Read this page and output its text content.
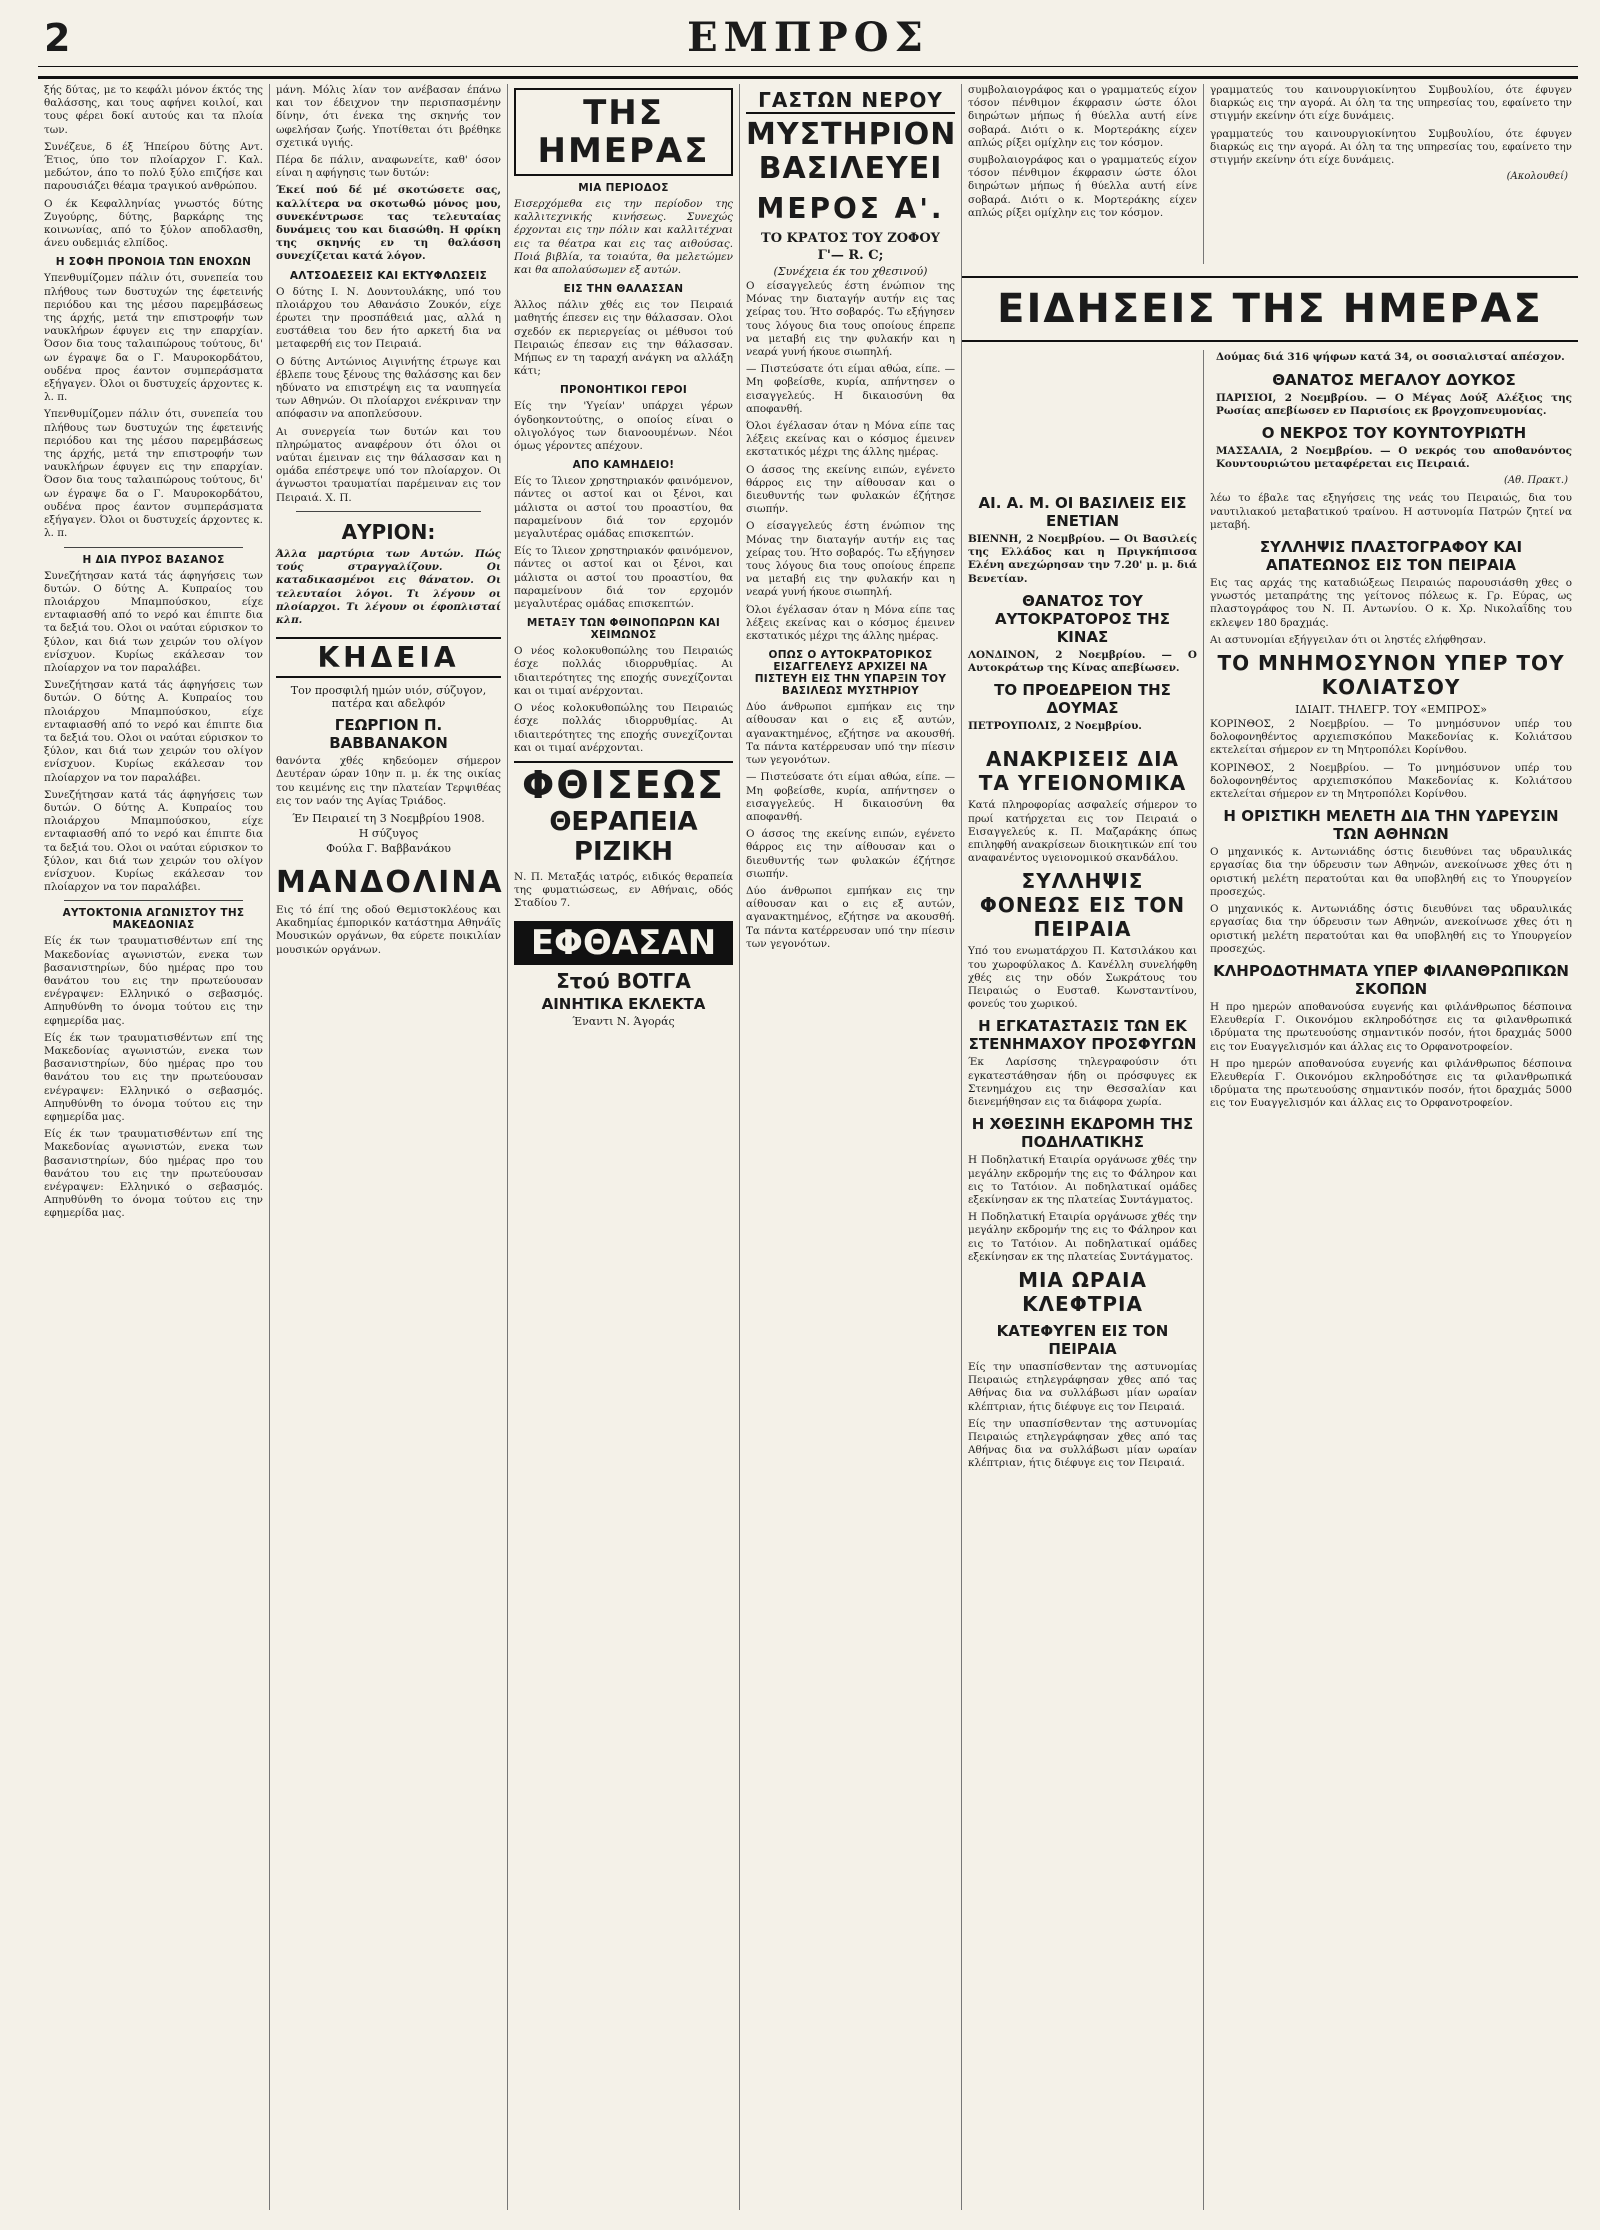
2	ΕΜΠΡΟΣ

ξής δύτας, με το κεφάλι μόνον έκτός της θαλάσσης, και τους αφήνει κοιλοί, και τους φέρει δοκί αυτούς και τα πλοία των.

Συνέζευε, δ έξ Ήπείρου δύτης Αντ. Έτιος, ύπο τον πλοίαρχον Γ. Καλ. μεδώτον, άπο το πολύ ξύλο επιζήσε και παρουσιάζει θέαμα τραγικού ανθρώπου.

Ο έκ Κεφαλληνίας γνωστός δύτης Ζυγούρης, δύτης, βαρκάρης της κοινωνίας, από το ξύλον αποδλασθη, άνευ ουδεμιάς ελπίδος.

Η ΣΟΦΗ ΠΡΟΝΟΙΑ ΤΩΝ ΕΝΟΧΩΝ

Υπενθυμίζομεν πάλιν ότι, συνεπεία του πλήθους των δυστυχών της έφετεινής περιόδου και της μέσου παρεμβάσεως της άρχής, μετά την επιστροφήν των ναυκλήρων έφυγεν εις την επαρχίαν. Όσον δια τους ταλαιπώρους τούτους, δι' ων έγραψε δα ο Γ. Μαυροκορδάτου, ουδένα προς έαντον συμπεράσματα εξήγαγεν. Όλοι οι δυστυχείς άρχοντες κ. λ. π.

Υπενθυμίζομεν πάλιν ότι, συνεπεία του πλήθους των δυστυχών της έφετεινής περιόδου και της μέσου παρεμβάσεως της άρχής, μετά την επιστροφήν των ναυκλήρων έφυγεν εις την επαρχίαν. Όσον δια τους ταλαιπώρους τούτους, δι' ων έγραψε δα ο Γ. Μαυροκορδάτου, ουδένα προς έαντον συμπεράσματα εξήγαγεν. Όλοι οι δυστυχείς άρχοντες κ. λ. π.

Η ΔΙΑ ΠΥΡΟΣ ΒΑΣΑΝΟΣ

Συνεζήτησαν κατά τάς άφηγήσεις των δυτών. Ο δύτης Α. Κυπραίος του πλοιάρχου Μπαμπούσκου, είχε ενταφιασθή από το νερό και έπιπτε δια τα δεξιά του. Ολοι οι ναύται εύρισκον το ξύλον, και διά των χειρών του ολίγον ενίσχυον. Κυρίως εκάλεσαν τον πλοίαρχον να τον παραλάβει.

Συνεζήτησαν κατά τάς άφηγήσεις των δυτών. Ο δύτης Α. Κυπραίος του πλοιάρχου Μπαμπούσκου, είχε ενταφιασθή από το νερό και έπιπτε δια τα δεξιά του. Ολοι οι ναύται εύρισκον το ξύλον, και διά των χειρών του ολίγον ενίσχυον. Κυρίως εκάλεσαν τον πλοίαρχον να τον παραλάβει.

Συνεζήτησαν κατά τάς άφηγήσεις των δυτών. Ο δύτης Α. Κυπραίος του πλοιάρχου Μπαμπούσκου, είχε ενταφιασθή από το νερό και έπιπτε δια τα δεξιά του. Ολοι οι ναύται εύρισκον το ξύλον, και διά των χειρών του ολίγον ενίσχυον. Κυρίως εκάλεσαν τον πλοίαρχον να τον παραλάβει.

ΑΥΤΟΚΤΟΝΙΑ ΑΓΩΝΙΣΤΟΥ ΤΗΣ ΜΑΚΕΔΟΝΙΑΣ

Είς έκ των τραυματισθέντων επί της Μακεδονίας αγωνιστών, ενεκα των βασανιστηρίων, δύο ημέρας προ του θανάτου του εις την πρωτεύουσαν ενέγραψεν: Ελληνικό ο σεβασμός. Απηυθύνθη το όνομα τούτου εις την εφημερίδα μας.

Είς έκ των τραυματισθέντων επί της Μακεδονίας αγωνιστών, ενεκα των βασανιστηρίων, δύο ημέρας προ του θανάτου του εις την πρωτεύουσαν ενέγραψεν: Ελληνικό ο σεβασμός. Απηυθύνθη το όνομα τούτου εις την εφημερίδα μας.

Είς έκ των τραυματισθέντων επί της Μακεδονίας αγωνιστών, ενεκα των βασανιστηρίων, δύο ημέρας προ του θανάτου του εις την πρωτεύουσαν ενέγραψεν: Ελληνικό ο σεβασμός. Απηυθύνθη το όνομα τούτου εις την εφημερίδα μας.

μάνη. Μόλις λίαν τον ανέβασαν έπάνω και τον έδειχνον την περισπασμένην δίνην, ότι ένεκα της σκηνής τον ωφελήσαν ζωής. Υποτίθεται ότι βρέθηκε σχετικά υγιής.

Πέρα δε πάλιν, αναφωνείτε, καθ' όσον είναι η αφήγησις των δυτών:

Έκεί πού δέ μέ σκοτώσετε σας, καλλίτερα να σκοτωθώ μόνος μου, συνεκέντρωσε τας τελευταίας δυνάμεις του και διασώθη. Η φρίκη της σκηνής εν τη θαλάσση συνεχίζεται κατά λόγον.

ΑΛΤΣΟΔΕΣΕΙΣ ΚΑΙ ΕΚΤΥΦΛΩΣΕΙΣ

Ο δύτης Ι. Ν. Δουντουλάκης, υπό του πλοιάρχου του Αθανάσιο Ζουκόν, είχε έρωτει την προσπάθειά μας, αλλά η ευστάθεια του δεν ήτο αρκετή δια να μεταφερθή εις τον Πειραιά.

Ο δύτης Αντώνιος Αιγινήτης έτρωγε και έβλεπε τους ξένους της θαλάσσης και δεν ηδύνατο να επιστρέψη εις τα ναυπηγεία των Αθηνών. Οι πλοίαρχοι ενέκριναν την απόφασιν να αποπλεύσουν.

Αι συνεργεία των δυτών και του πληρώματος αναφέρουν ότι όλοι οι ναύται έμειναν εις την θάλασσαν και η ομάδα επέστρεψε υπό τον πλοίαρχον. Οι άγνωστοι τραυματίαι παρέμειναν εις τον Πειραιά. Χ. Π.

ΑΥΡΙΟΝ:

Άλλα μαρτύρια των Αυτών. Πώς τούς στραγγαλίζουν. Οι καταδικασμένοι εις θάνατον. Οι τελευταίοι λόγοι. Τι λέγουν οι πλοίαρχοι. Τι λέγουν οι έφοπλισταί κλπ.

ΚΗΔΕΙΑ

Τον προσφιλή ημών υιόν, σύζυγον, πατέρα και αδελφόν

ΓΕΩΡΓΙΟΝ Π. ΒΑΒΒΑΝΑΚΟΝ

θανόντα χθές κηδεύομεν σήμερον Δευτέραν ώραν 10ην π. μ. έκ της οικίας του κειμένης εις την πλατείαν Τερψιθέας εις τον ναόν της Αγίας Τριάδος.

Έν Πειραιεί τη 3 Νοεμβρίου 1908.

Η σύζυγος

Φούλα Γ. Βαββανάκου

ΜΑΝΔΟΛΙΝΑ

Εις τό έπί της οδού Θεμιστοκλέους και Ακαδημίας έμπορικόν κατάστημα Αθηνάϊς Μουσικών οργάνων, θα εύρετε ποικιλίαν μουσικών οργάνων.

ΤΗΣ ΗΜΕΡΑΣ
ΜΙΑ ΠΕΡΙΟΔΟΣ

Εισερχόμεθα εις την περίοδον της καλλιτεχνικής κινήσεως. Συνεχώς έρχονται εις την πόλιν και καλλιτέχναι εις τα θέατρα και εις τας αιθούσας. Ποιά βιβλία, τα τοιαύτα, θα μελετώμεν και θα απολαύσωμεν εξ αυτών.

ΕΙΣ ΤΗΝ ΘΑΛΑΣΣΑΝ

Άλλος πάλιν χθές εις τον Πειραιά μαθητής έπεσεν εις την θάλασσαν. Ολοι σχεδόν εκ περιεργείας οι μέθυσοι τού Πειραιώς έπεσαν εις την θάλασσαν. Μήπως εν τη ταραχή ανάγκη να αλλάξη κάτι;

ΠΡΟΝΟΗΤΙΚΟΙ ΓΕΡΟΙ

Είς την 'Υγείαν' υπάρχει γέρων όγδοηκοντούτης, ο οποίος είναι ο ολιγολόγος των διανοουμένων. Νέοι όμως γέροντες απέχουν.

ΑΠΟ ΚΑΜΗΔΕΙΟ!

Είς το Ίλιεον χρηστηριακόν φαινόμενον, πάντες οι αστοί και οι ξένοι, και μάλιστα οι αστοί του προαστίου, θα παραμείνουν διά τον ερχομόν μεγαλυτέρας ομάδας επισκεπτών.

Είς το Ίλιεον χρηστηριακόν φαινόμενον, πάντες οι αστοί και οι ξένοι, και μάλιστα οι αστοί του προαστίου, θα παραμείνουν διά τον ερχομόν μεγαλυτέρας ομάδας επισκεπτών.

ΜΕΤΑΞΥ ΤΩΝ ΦΘΙΝΟΠΩΡΩΝ ΚΑΙ ΧΕΙΜΩΝΟΣ

Ο νέος κολοκυθοπώλης του Πειραιώς έσχε πολλάς ιδιορρυθμίας. Αι ιδιαιτερότητες της εποχής συνεχίζονται και οι τιμαί ανέρχονται.

Ο νέος κολοκυθοπώλης του Πειραιώς έσχε πολλάς ιδιορρυθμίας. Αι ιδιαιτερότητες της εποχής συνεχίζονται και οι τιμαί ανέρχονται.

ΦΘΙΣΕΩΣ
ΘΕΡΑΠΕΙΑ ΡΙΖΙΚΗ

Ν. Π. Μεταξάς ιατρός, ειδικός θεραπεία της φυματιώσεως, εν Αθήναις, οδός Σταδίου 7.

ΕΦΘΑΣΑΝ
Στού ΒΟΤΓΑ
ΑΙΝΗΤΙΚΑ ΕΚΛΕΚΤΑ
Έναντι Ν. Άγοράς
ΓΑΣΤΩΝ ΝΕΡΟΥ
ΜΥΣΤΗΡΙΟΝ ΒΑΣΙΛΕΥΕΙ
ΜΕΡΟΣ Α'.
ΤΟ ΚΡΑΤΟΣ ΤΟΥ ΖΟΦΟΥ
Γ'— R. C;
(Συνέχεια έκ του χθεσινού)

Ο είσαγγελεύς έστη ένώπιον της Μόνας την διαταγήν αυτήν εις τας χείρας του. Ήτο σοβαρός. Τω εξήγησεν τους λόγους δια τους οποίους έπρεπε να μεταβή εις την φυλακήν και η νεαρά γυνή ήκουε σιωπηλή.

— Πιστεύσατε ότι είμαι αθώα, είπε. — Μη φοβείσθε, κυρία, απήντησεν ο εισαγγελεύς. Η δικαιοσύνη θα αποφανθή.

Όλοι έγέλασαν όταν η Μόνα είπε τας λέξεις εκείνας και ο κόσμος έμεινεν εκστατικός μέχρι της άλλης ημέρας.

Ο άσσος της εκείνης ειπών, εγένετο θάρρος εις την αίθουσαν και ο διευθυντής των φυλακών έζήτησε σιωπήν.

Ο είσαγγελεύς έστη ένώπιον της Μόνας την διαταγήν αυτήν εις τας χείρας του. Ήτο σοβαρός. Τω εξήγησεν τους λόγους δια τους οποίους έπρεπε να μεταβή εις την φυλακήν και η νεαρά γυνή ήκουε σιωπηλή.

Όλοι έγέλασαν όταν η Μόνα είπε τας λέξεις εκείνας και ο κόσμος έμεινεν εκστατικός μέχρι της άλλης ημέρας.

ΟΠΩΣ Ο ΑΥΤΟΚΡΑΤΟΡΙΚΟΣ ΕΙΣΑΓΓΕΛΕΥΣ ΑΡΧΙΖΕΙ ΝΑ ΠΙΣΤΕΥΗ ΕΙΣ ΤΗΝ ΥΠΑΡΞΙΝ ΤΟΥ ΒΑΣΙΛΕΩΣ ΜΥΣΤΗΡΙΟΥ

Δύο άνθρωποι εμπήκαν εις την αίθουσαν και ο εις εξ αυτών, αγανακτημένος, εζήτησε να ακουσθή. Τα πάντα κατέρρευσαν υπό την πίεσιν των γεγονότων.

— Πιστεύσατε ότι είμαι αθώα, είπε. — Μη φοβείσθε, κυρία, απήντησεν ο εισαγγελεύς. Η δικαιοσύνη θα αποφανθή.

Ο άσσος της εκείνης ειπών, εγένετο θάρρος εις την αίθουσαν και ο διευθυντής των φυλακών έζήτησε σιωπήν.

Δύο άνθρωποι εμπήκαν εις την αίθουσαν και ο εις εξ αυτών, αγανακτημένος, εζήτησε να ακουσθή. Τα πάντα κατέρρευσαν υπό την πίεσιν των γεγονότων.

συμβολαιογράφος και ο γραμματεύς είχον τόσον πένθιμον έκφρασιν ώστε όλοι διηρώτων μήπως ή θύελλα αυτή είνε σοβαρά. Διότι ο κ. Μορτεράκης είχεν απλώς ρίξει ομίχλην εις τον κόσμον.

συμβολαιογράφος και ο γραμματεύς είχον τόσον πένθιμον έκφρασιν ώστε όλοι διηρώτων μήπως ή θύελλα αυτή είνε σοβαρά. Διότι ο κ. Μορτεράκης είχεν απλώς ρίξει ομίχλην εις τον κόσμον.

ΑΙ. Α. Μ. ΟΙ ΒΑΣΙΛΕΙΣ ΕΙΣ ΕΝΕΤΙΑΝ

ΒΙΕΝΝΗ, 2 Νοεμβρίου. — Οι Βασιλείς της Ελλάδος και η Πριγκήπισσα Ελένη ανεχώρησαν την 7.20' μ. μ. διά Βενετίαν.

ΘΑΝΑΤΟΣ ΤΟΥ ΑΥΤΟΚΡΑΤΟΡΟΣ ΤΗΣ ΚΙΝΑΣ

ΛΟΝΔΙΝΟΝ, 2 Νοεμβρίου. — Ο Αυτοκράτωρ της Κίνας απεβίωσεν.

ΤΟ ΠΡΟΕΔΡΕΙΟΝ ΤΗΣ ΔΟΥΜΑΣ

ΠΕΤΡΟΥΠΟΛΙΣ, 2 Νοεμβρίου.

ΑΝΑΚΡΙΣΕΙΣ ΔΙΑ ΤΑ ΥΓΕΙΟΝΟΜΙΚΑ

Κατά πληροφορίας ασφαλείς σήμερον το πρωί κατήρχεται εις τον Πειραιά ο Εισαγγελεύς κ. Π. Μαζαράκης όπως επιληφθή ανακρίσεων διοικητικών επί του αναφανέντος υγειονομικού σκανδάλου.

ΣΥΛΛΗΨΙΣ ΦΟΝΕΩΣ ΕΙΣ ΤΟΝ ΠΕΙΡΑΙΑ

Υπό του ενωματάρχου Π. Κατσιλάκου και του χωροφύλακος Δ. Κανέλλη συνελήφθη χθές εις την οδόν Σωκράτους του Πειραιώς ο Ευσταθ. Κωνσταντίνου, φονεύς του χωρικού.

Η ΕΓΚΑΤΑΣΤΑΣΙΣ ΤΩΝ ΕΚ ΣΤΕΝΗΜΑΧΟΥ ΠΡΟΣΦΥΓΩΝ

Έκ Λαρίσσης τηλεγραφούσιν ότι εγκατεστάθησαν ήδη οι πρόσφυγες εκ Στενημάχου εις την Θεσσαλίαν και διενεμήθησαν εις τα διάφορα χωρία.

Η ΧΘΕΣΙΝΗ ΕΚΔΡΟΜΗ ΤΗΣ ΠΟΔΗΛΑΤΙΚΗΣ

Η Ποδηλατική Εταιρία οργάνωσε χθές την μεγάλην εκδρομήν της εις το Φάληρον και εις το Τατόιον. Αι ποδηλατικαί ομάδες εξεκίνησαν εκ της πλατείας Συντάγματος.

Η Ποδηλατική Εταιρία οργάνωσε χθές την μεγάλην εκδρομήν της εις το Φάληρον και εις το Τατόιον. Αι ποδηλατικαί ομάδες εξεκίνησαν εκ της πλατείας Συντάγματος.

ΜΙΑ ΩΡΑΙΑ ΚΛΕΦΤΡΙΑ
ΚΑΤΕΦΥΓΕΝ ΕΙΣ ΤΟΝ ΠΕΙΡΑΙΑ

Είς την υπασπίσθενταν της αστυνομίας Πειραιώς ετηλεγράφησαν χθες από τας Αθήνας δια να συλλάβωσι μίαν ωραίαν κλέπτριαν, ήτις διέφυγε εις τον Πειραιά.

Είς την υπασπίσθενταν της αστυνομίας Πειραιώς ετηλεγράφησαν χθες από τας Αθήνας δια να συλλάβωσι μίαν ωραίαν κλέπτριαν, ήτις διέφυγε εις τον Πειραιά.

γραμματεύς του καινουργιοκίνητου Συμβουλίου, ότε έφυγεν διαρκώς εις την αγορά. Αι όλη τα της υπηρεσίας του, εφαίνετο την στιγμήν εκείνην ότι είχε δυνάμεις.

γραμματεύς του καινουργιοκίνητου Συμβουλίου, ότε έφυγεν διαρκώς εις την αγορά. Αι όλη τα της υπηρεσίας του, εφαίνετο την στιγμήν εκείνην ότι είχε δυνάμεις.

(Ακολουθεί)

Δούμας διά 316 ψήφων κατά 34, οι σοσιαλισταί απέσχον.

ΘΑΝΑΤΟΣ ΜΕΓΑΛΟΥ ΔΟΥΚΟΣ

ΠΑΡΙΣΙΟΙ, 2 Νοεμβρίου. — Ο Μέγας Δούξ Αλέξιος της Ρωσίας απεβίωσεν εν Παρισίοις εκ βρογχοπνευμονίας.

Ο ΝΕΚΡΟΣ ΤΟΥ ΚΟΥΝΤΟΥΡΙΩΤΗ

ΜΑΣΣΑΛΙΑ, 2 Νοεμβρίου. — Ο νεκρός του αποθανόντος Κουντουριώτου μεταφέρεται εις Πειραιά.

(Αθ. Πρακτ.)

λέω το έβαλε τας εξηγήσεις της νεάς του Πειραιώς, δια του ναυτιλιακού μεταβατικού τραίνου. Η αστυνομία Πατρών ζητεί να μεταβή.

ΣΥΛΛΗΨΙΣ ΠΛΑΣΤΟΓΡΑΦΟΥ ΚΑΙ ΑΠΑΤΕΩΝΟΣ ΕΙΣ ΤΟΝ ΠΕΙΡΑΙΑ

Εις τας αρχάς της καταδιώξεως Πειραιώς παρουσιάσθη χθες ο γνωστός μεταπράτης της γείτονος πόλεως κ. Γρ. Εύρας, ως πλαστογράφος του Ν. Π. Αντωνίου. Ο κ. Χρ. Νικολαΐδης του εκλεψεν 180 δραχμάς.

Αι αστυνομίαι εξήγγειλαν ότι οι ληστές ελήφθησαν.

ΤΟ ΜΝΗΜΟΣΥΝΟΝ ΥΠΕΡ ΤΟΥ ΚΟΛΙΑΤΣΟΥ
ΙΔΙΑΙΤ. ΤΗΛΕΓΡ. ΤΟΥ «ΕΜΠΡΟΣ»

ΚΟΡΙΝΘΟΣ, 2 Νοεμβρίου. — Το μνημόσυνον υπέρ του δολοφονηθέντος αρχιεπισκόπου Μακεδονίας κ. Κολιάτσου εκτελείται σήμερον εν τη Μητροπόλει Κορίνθου.

ΚΟΡΙΝΘΟΣ, 2 Νοεμβρίου. — Το μνημόσυνον υπέρ του δολοφονηθέντος αρχιεπισκόπου Μακεδονίας κ. Κολιάτσου εκτελείται σήμερον εν τη Μητροπόλει Κορίνθου.

Η ΟΡΙΣΤΙΚΗ ΜΕΛΕΤΗ ΔΙΑ ΤΗΝ ΥΔΡΕΥΣΙΝ ΤΩΝ ΑΘΗΝΩΝ

Ο μηχανικός κ. Αντωνιάδης όστις διευθύνει τας υδραυλικάς εργασίας δια την ύδρευσιν των Αθηνών, ανεκοίνωσε χθες ότι η οριστική μελέτη περατούται και θα υποβληθή εις το Υπουργείον προσεχώς.

Ο μηχανικός κ. Αντωνιάδης όστις διευθύνει τας υδραυλικάς εργασίας δια την ύδρευσιν των Αθηνών, ανεκοίνωσε χθες ότι η οριστική μελέτη περατούται και θα υποβληθή εις το Υπουργείον προσεχώς.

ΚΛΗΡΟΔΟΤΗΜΑΤΑ ΥΠΕΡ ΦΙΛΑΝΘΡΩΠΙΚΩΝ ΣΚΟΠΩΝ

Η προ ημερών αποθανούσα ευγενής και φιλάνθρωπος δέσποινα Ελευθερία Γ. Οικονόμου εκληροδότησε εις τα φιλανθρωπικά ιδρύματα της πρωτευούσης σημαντικόν ποσόν, ήτοι δραχμάς 5000 εις τον Ευαγγελισμόν και άλλας εις το Ορφανοτροφείον.

Η προ ημερών αποθανούσα ευγενής και φιλάνθρωπος δέσποινα Ελευθερία Γ. Οικονόμου εκληροδότησε εις τα φιλανθρωπικά ιδρύματα της πρωτευούσης σημαντικόν ποσόν, ήτοι δραχμάς 5000 εις τον Ευαγγελισμόν και άλλας εις το Ορφανοτροφείον.

ΕΙΔΗΣΕΙΣ ΤΗΣ ΗΜΕΡΑΣ
